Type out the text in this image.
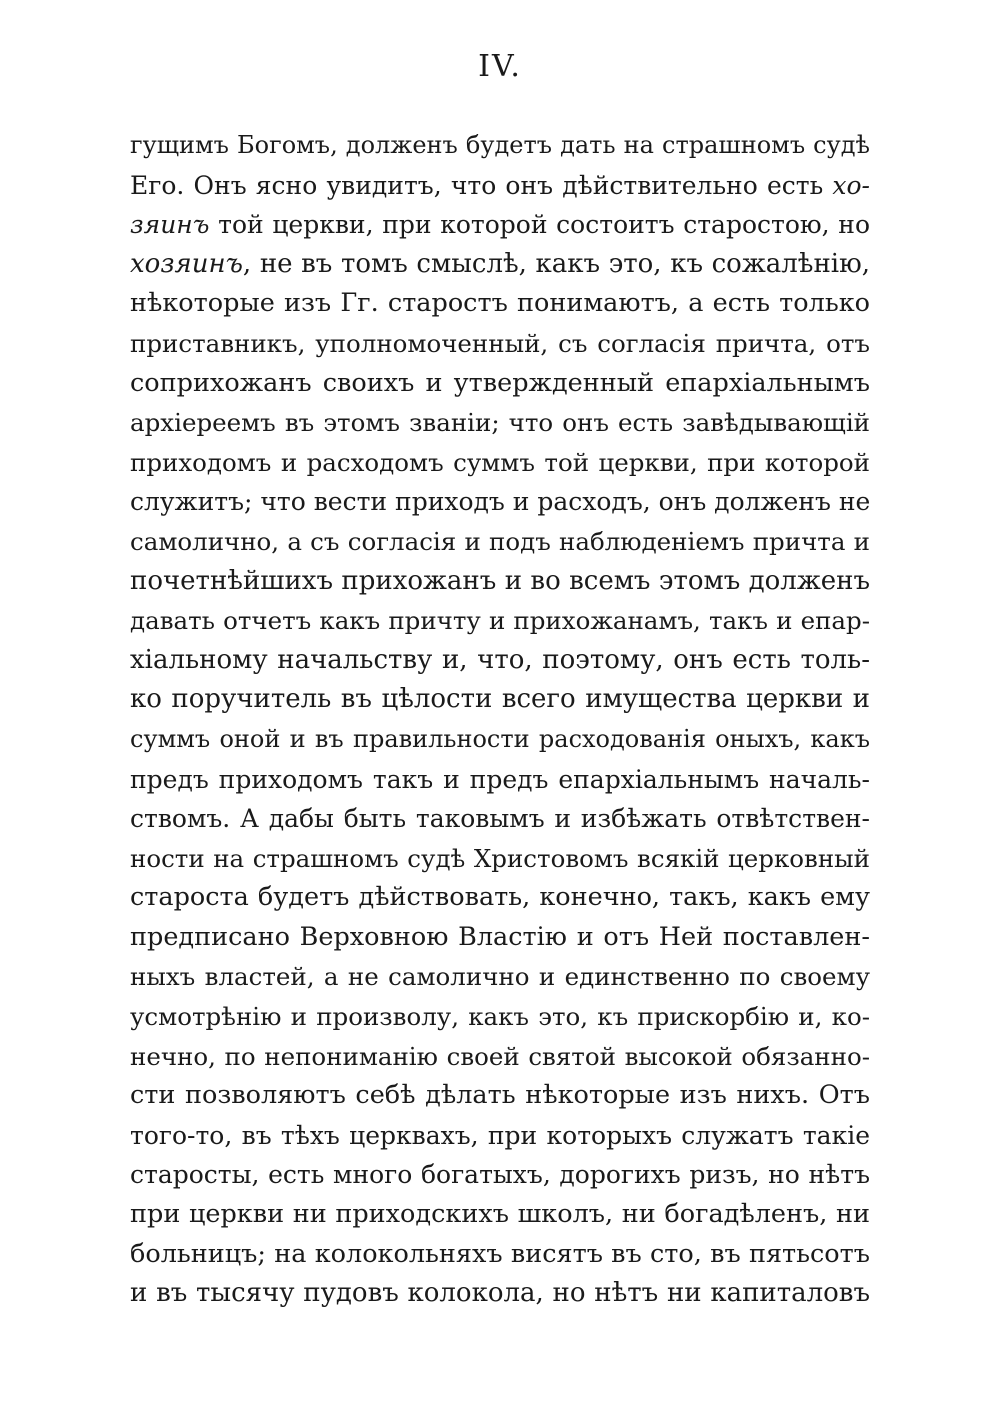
IV.
гущимъ Богомъ, долженъ будетъ дать на страшномъ судѣ
Его. Онъ ясно увидитъ, что онъ дѣйствительно есть хо-
зяинъ той церкви, при которой состоитъ старостою, но
хозяинъ, не въ томъ смыслѣ, какъ это, къ сожалѣнію,
нѣкоторые изъ Гг. старостъ понимаютъ, а есть только
приставникъ, уполномоченный, съ согласія причта, отъ
соприхожанъ своихъ и утвержденный епархіальнымъ
архіереемъ въ этомъ званіи; что онъ есть завѣдывающій
приходомъ и расходомъ суммъ той церкви, при которой
служитъ; что вести приходъ и расходъ, онъ долженъ не
самолично, а съ согласія и подъ наблюденіемъ причта и
почетнѣйшихъ прихожанъ и во всемъ этомъ долженъ
давать отчетъ какъ причту и прихожанамъ, такъ и епар-
хіальному начальству и, что, поэтому, онъ есть толь-
ко поручитель въ цѣлости всего имущества церкви и
суммъ оной и въ правильности расходованія оныхъ, какъ
предъ приходомъ такъ и предъ епархіальнымъ началь-
ствомъ. А дабы быть таковымъ и избѣжать отвѣтствен-
ности на страшномъ судѣ Христовомъ всякій церковный
староста будетъ дѣйствовать, конечно, такъ, какъ ему
предписано Верховною Властію и отъ Ней поставлен-
ныхъ властей, а не самолично и единственно по своему
усмотрѣнію и произволу, какъ это, къ прискорбію и, ко-
нечно, по непониманію своей святой высокой обязанно-
сти позволяютъ себѣ дѣлать нѣкоторые изъ нихъ. Отъ
того-то, въ тѣхъ церквахъ, при которыхъ служатъ такіе
старосты, есть много богатыхъ, дорогихъ ризъ, но нѣтъ
при церкви ни приходскихъ школъ, ни богадѣленъ, ни
больницъ; на колокольняхъ висятъ въ сто, въ пятьсотъ
и въ тысячу пудовъ колокола, но нѣтъ ни капиталовъ
